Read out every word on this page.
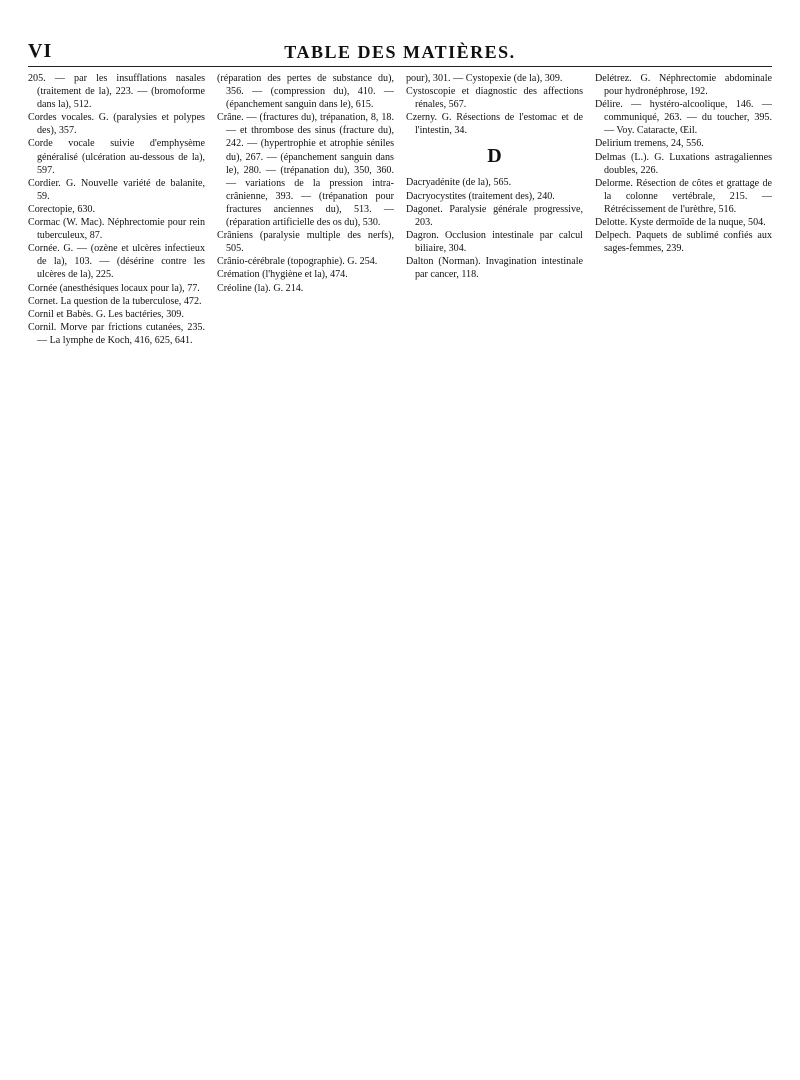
VI	TABLE DES MATIÈRES.

205. — par les insufflations nasales (traitement de la), 223. — (bromoforme dans la), 512.

Cordes vocales. G. (paralysies et polypes des), 357.

Corde vocale suivie d'emphysème généralisé (ulcération au-dessous de la), 597.

Cordier. G. Nouvelle variété de balanite, 59.

Corectopie, 630.

Cormac (W. Mac). Néphrectomie pour rein tuberculeux, 87.

Cornée. G. — (ozène et ulcères infectieux de la), 103. — (désérine contre les ulcères de la), 225.

Cornée (anesthésiques locaux pour la), 77.

Cornet. La question de la tuberculose, 472.

Cornil et Babès. G. Les bactéries, 309.

Cornil. Morve par frictions cutanées, 235. — La lymphe de Koch, 416, 625, 641.

(réparation des pertes de substance du), 356. — (compression du), 410. — (épanchement sanguin dans le), 615.

Crâne. — (fractures du), trépanation, 8, 18. — et thrombose des sinus (fracture du), 242. — (hypertrophie et atrophie séniles du), 267. — (épanchement sanguin dans le), 280. — (trépanation du), 350, 360. — variations de la pression intra-crânienne, 393. — (trépanation pour fractures anciennes du), 513. — (réparation artificielle des os du), 530.

Crâniens (paralysie multiple des nerfs), 505.

Crânio-cérébrale (topographie). G. 254.

Crémation (l'hygiène et la), 474.

Créoline (la). G. 214.

pour), 301. — Cystopexie (de la), 309.

Cystoscopie et diagnostic des affections rénales, 567.

Czerny. G. Résections de l'estomac et de l'intestin, 34.

D

Dacryadénite (de la), 565.

Dacryocystites (traitement des), 240.

Dagonet. Paralysie générale progressive, 203.

Dagron. Occlusion intestinale par calcul biliaire, 304.

Dalton (Norman). Invagination intestinale par cancer, 118.

Delétrez. G. Néphrectomie abdominale pour hydronéphrose, 192.

Délire. — hystéro-alcoolique, 146. — communiqué, 263. — du toucher, 395. — Voy. Cataracte, Œil.

Delirium tremens, 24, 556.

Delmas (L.). G. Luxations astragaliennes doubles, 226.

Delorme. Résection de côtes et grattage de la colonne vertébrale, 215. — Rétrécissement de l'urèthre, 516.

Delotte. Kyste dermoïde de la nuque, 504.

Delpech. Paquets de sublimé confiés aux sages-femmes, 239.
